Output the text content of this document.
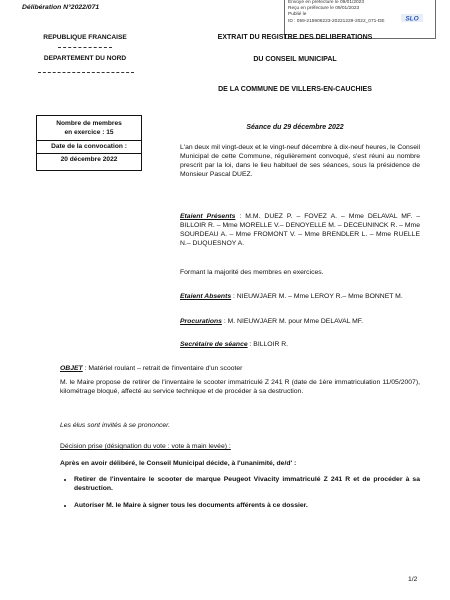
Délibération N°2022/071
Envoyé en préfecture le 09/01/2023
Reçu en préfecture le 09/01/2023
Publié le
ID : 059-215906223-20221229-2022_071-DE	SLO
REPUBLIQUE FRANCAISE
DEPARTEMENT DU NORD
Nombre de membres
en exercice : 15
Date de la convocation :
20 décembre 2022
EXTRAIT DU REGISTRE DES DELIBERATIONS
DU CONSEIL MUNICIPAL
DE LA COMMUNE DE VILLERS-EN-CAUCHIES
Séance du 29 décembre 2022
L'an deux mil vingt-deux et le vingt-neuf décembre à dix-neuf heures, le Conseil Municipal de cette Commune, régulièrement convoqué, s'est réuni au nombre prescrit par la loi, dans le lieu habituel de ses séances, sous la présidence de Monsieur Pascal DUEZ.
Etaient Présents : M.M. DUEZ P. – FOVEZ A. – Mme DELAVAL MF. – BILLOIR R. – Mme MORELLE V.– DENOYELLE M. – DECEUNINCK R. – Mme SOURDEAU A. – Mme FROMONT V. – Mme BRENDLER L. – Mme RUELLE N.– DUQUESNOY A.
Formant la majorité des membres en exercices.
Etaient Absents : NIEUWJAER M. – Mme LEROY R.– Mme BONNET M.
Procurations : M. NIEUWJAER M. pour Mme DELAVAL MF.
Secrétaire de séance : BILLOIR R.
OBJET : Matériel roulant – retrait de l'inventaire d'un scooter
M. le Maire propose de retirer de l'inventaire le scooter immatriculé Z 241 R (date de 1ère immatriculation 11/05/2007), kilométrage bloqué, affecté au service technique et de procéder à sa destruction.
Les élus sont invités à se prononcer.
Décision prise (désignation du vote : vote à main levée) :
Après en avoir délibéré, le Conseil Municipal décide, à l'unanimité, de/d' :
• Retirer de l'inventaire le scooter de marque Peugeot Vivacity immatriculé Z 241 R et de procéder à sa destruction.
• Autoriser M. le Maire à signer tous les documents afférents à ce dossier.
1/2
